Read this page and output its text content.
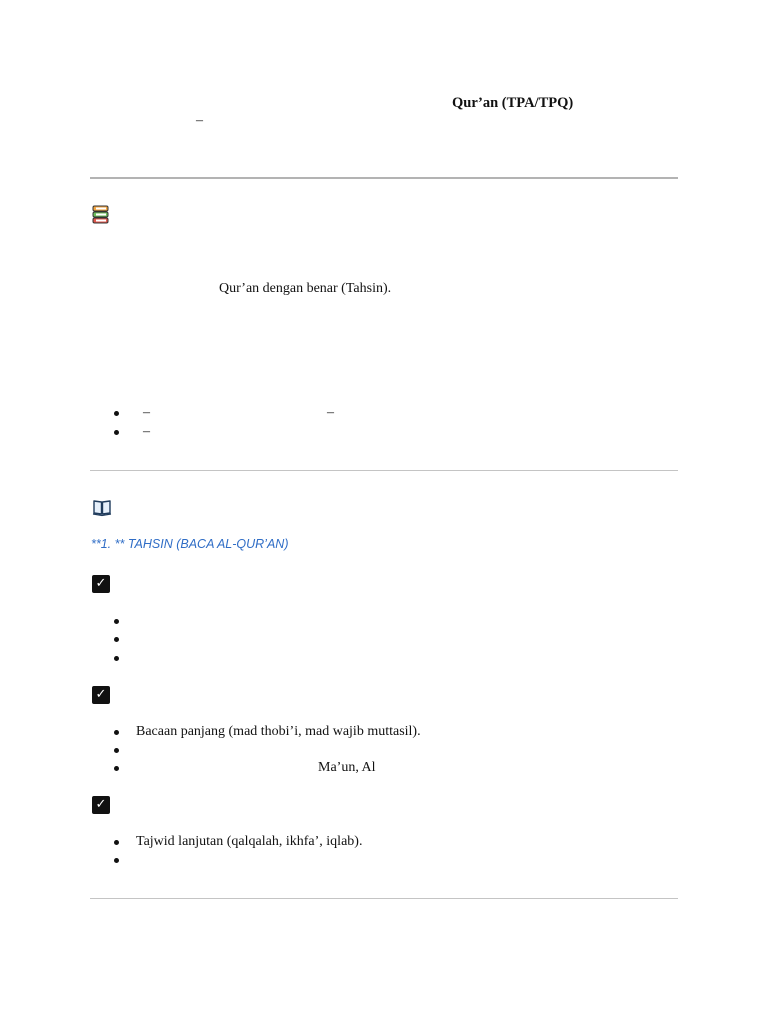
Qur’an (TPA/TPQ)
–
Qur’an dengan benar (Tahsin).
–	–
–
**1. ** TAHSIN (BACA AL-QUR’AN)
✓
✓
Bacaan panjang (mad thobi’i, mad wajib muttasil).
Ma’un, Al
✓
Tajwid lanjutan (qalqalah, ikhfa’, iqlab).
